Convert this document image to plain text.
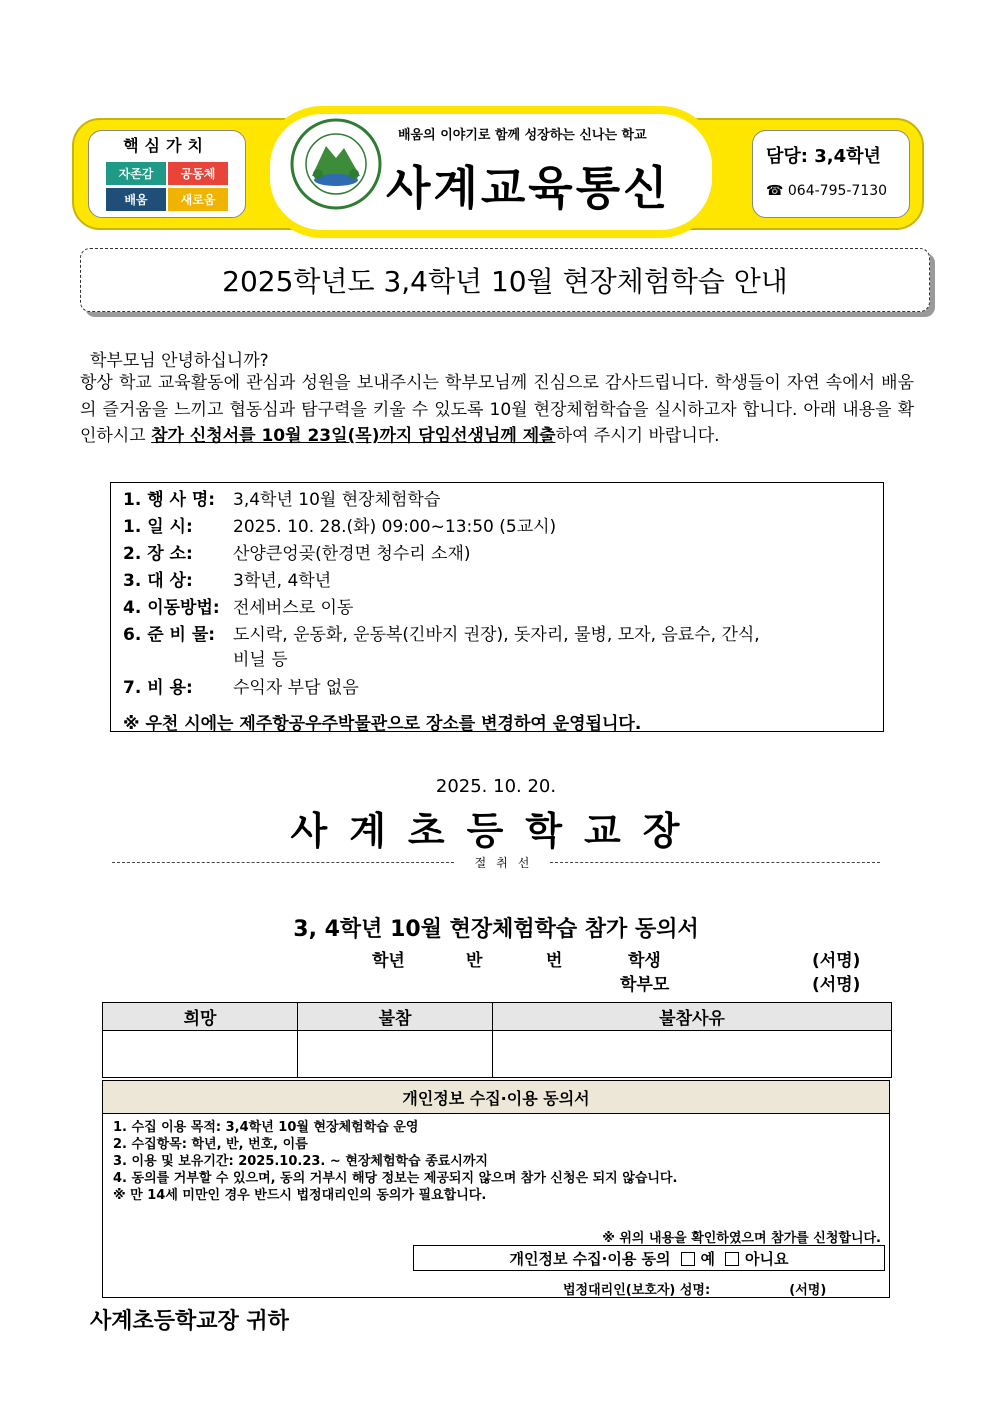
핵심가치
자존감	공동체
배움	새로움
배움의 이야기로 함께 성장하는 신나는 학교
사계교육통신
담당: 3,4학년
☎ 064-795-7130
2025학년도 3,4학년 10월 현장체험학습 안내
학부모님 안녕하십니까?
항상 학교 교육활동에 관심과 성원을 보내주시는 학부모님께 진심으로 감사드립니다. 학생들이 자연 속에서 배움의 즐거움을 느끼고 협동심과 탐구력을 키울 수 있도록 10월 현장체험학습을 실시하고자 합니다. 아래 내용을 확인하시고 참가 신청서를 10월 23일(목)까지 담임선생님께 제출하여 주시기 바랍니다.
1. 행 사 명: 3,4학년 10월 현장체험학습
1. 일 시: 2025. 10. 28.(화) 09:00~13:50 (5교시)
2. 장 소: 산양큰엉곶(한경면 청수리 소재)
3. 대 상: 3학년, 4학년
4. 이동방법: 전세버스로 이동
6. 준 비 물: 도시락, 운동화, 운동복(긴바지 권장), 돗자리, 물병, 모자, 음료수, 간식,
비닐 등
7. 비 용: 수익자 부담 없음
※ 우천 시에는 제주항공우주박물관으로 장소를 변경하여 운영됩니다.
2025. 10. 20.
사계초등학교장
절취선
3, 4학년 10월 현장체험학습 참가 동의서
학년	반	번	학생	(서명)
학부모	(서명)
희망	불참	불참사유

개인정보 수집·이용 동의서
1. 수집 이용 목적: 3,4학년 10월 현장체험학습 운영
2. 수집항목: 학년, 반, 번호, 이름
3. 이용 및 보유기간: 2025.10.23. ~ 현장체험학습 종료시까지
4. 동의를 거부할 수 있으며, 동의 거부시 해당 정보는 제공되지 않으며 참가 신청은 되지 않습니다.
※ 만 14세 미만인 경우 반드시 법정대리인의 동의가 필요합니다.
※ 위의 내용을 확인하였으며 참가를 신청합니다.
개인정보 수집·이용 동의	예	아니요
법정대리인(보호자) 성명:	(서명)
사계초등학교장 귀하
